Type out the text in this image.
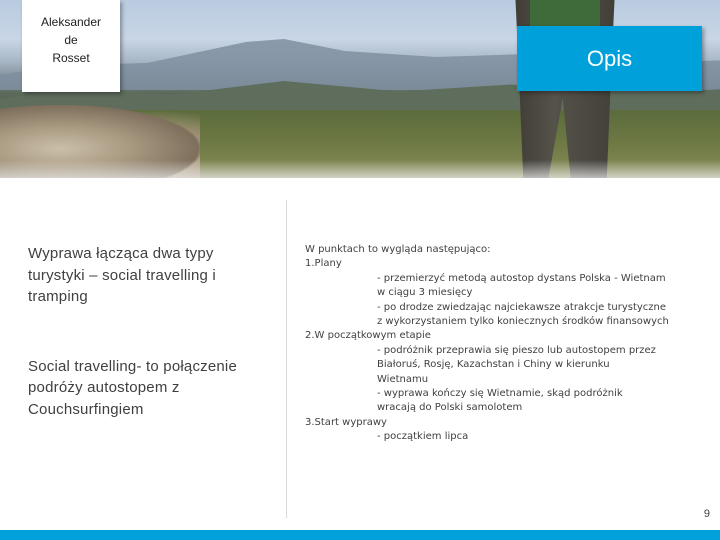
Aleksander
de
Rosset	Opis

Wyprawa łącząca dwa typy turystyki – social travelling i tramping

Social travelling- to połączenie podróży autostopem z Couchsurfingiem

W punktach to wygląda następująco:
1.Plany
- przemierzyć metodą autostop dystans Polska - Wietnam
w ciągu 3 miesięcy
- po drodze zwiedzając najciekawsze atrakcje turystyczne
z wykorzystaniem tylko koniecznych środków finansowych
2.W początkowym etapie
- podróżnik przeprawia się pieszo lub autostopem przez
Białoruś, Rosję, Kazachstan i Chiny w kierunku
Wietnamu
- wyprawa kończy się Wietnamie, skąd podróżnik
wracają do Polski samolotem
3.Start wyprawy
- początkiem lipca
9
